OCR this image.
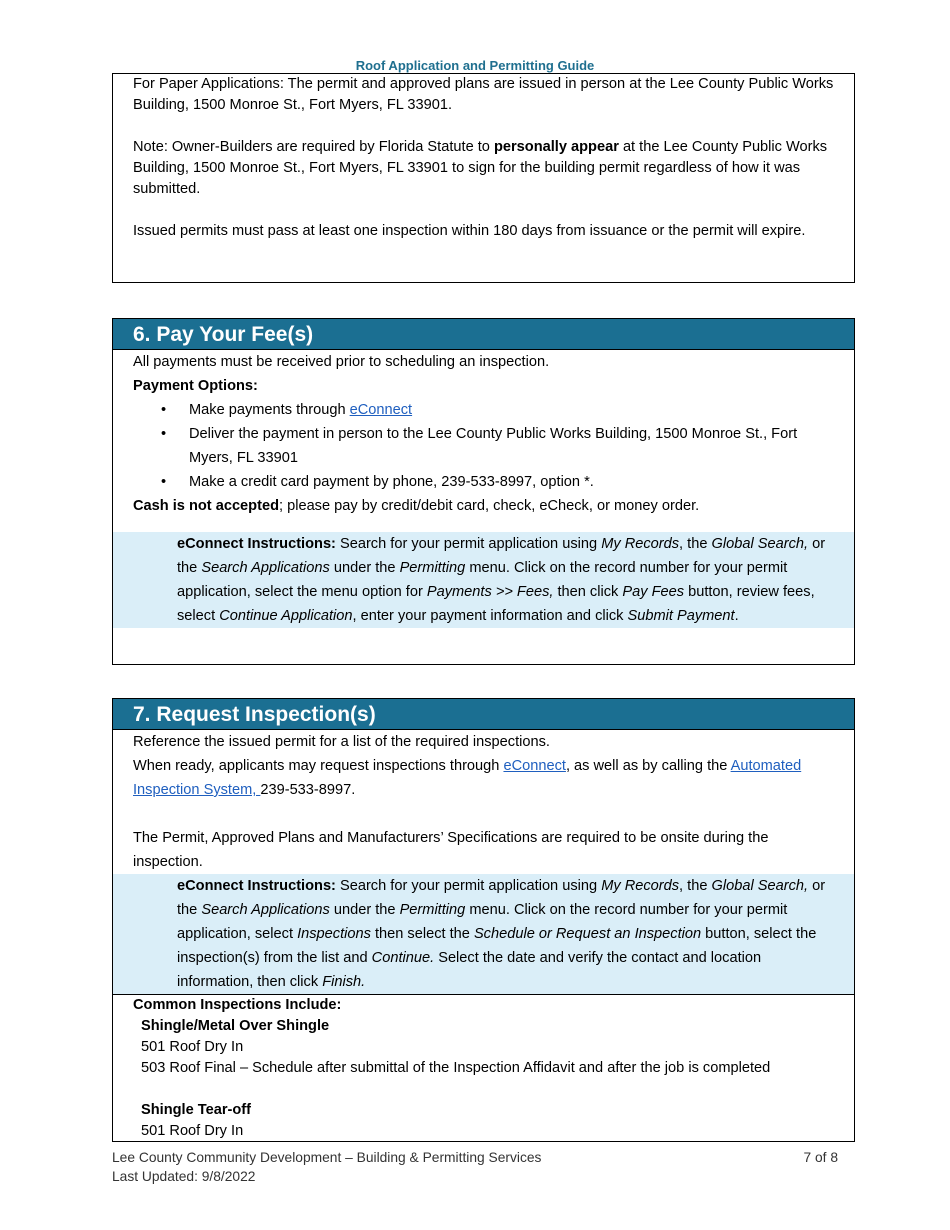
Roof Application and Permitting Guide

For Paper Applications: The permit and approved plans are issued in person at the Lee County Public Works Building, 1500 Monroe St., Fort Myers, FL 33901.

Note: Owner-Builders are required by Florida Statute to personally appear at the Lee County Public Works Building, 1500 Monroe St., Fort Myers, FL 33901 to sign for the building permit regardless of how it was submitted.

Issued permits must pass at least one inspection within 180 days from issuance or the permit will expire.

6. Pay Your Fee(s)

All payments must be received prior to scheduling an inspection.

Payment Options:

• Make payments through eConnect
• Deliver the payment in person to the Lee County Public Works Building, 1500 Monroe St., Fort Myers, FL 33901
• Make a credit card payment by phone, 239-533-8997, option *.

Cash is not accepted; please pay by credit/debit card, check, eCheck, or money order.

eConnect Instructions: Search for your permit application using My Records, the Global Search, or the Search Applications under the Permitting menu. Click on the record number for your permit application, select the menu option for Payments >> Fees, then click Pay Fees button, review fees, select Continue Application, enter your payment information and click Submit Payment.
7. Request Inspection(s)

Reference the issued permit for a list of the required inspections.

When ready, applicants may request inspections through eConnect, as well as by calling the Automated Inspection System, 239-533-8997.

The Permit, Approved Plans and Manufacturers’ Specifications are required to be onsite during the inspection.

eConnect Instructions: Search for your permit application using My Records, the Global Search, or the Search Applications under the Permitting menu. Click on the record number for your permit application, select Inspections then select the Schedule or Request an Inspection button, select the inspection(s) from the list and Continue. Select the date and verify the contact and location information, then click Finish.
Common Inspections Include:
Shingle/Metal Over Shingle
501 Roof Dry In
503 Roof Final – Schedule after submittal of the Inspection Affidavit and after the job is completed
Shingle Tear-off
501 Roof Dry In
Lee County Community Development – Building & Permitting Services
Last Updated: 9/8/2022
7 of 8
